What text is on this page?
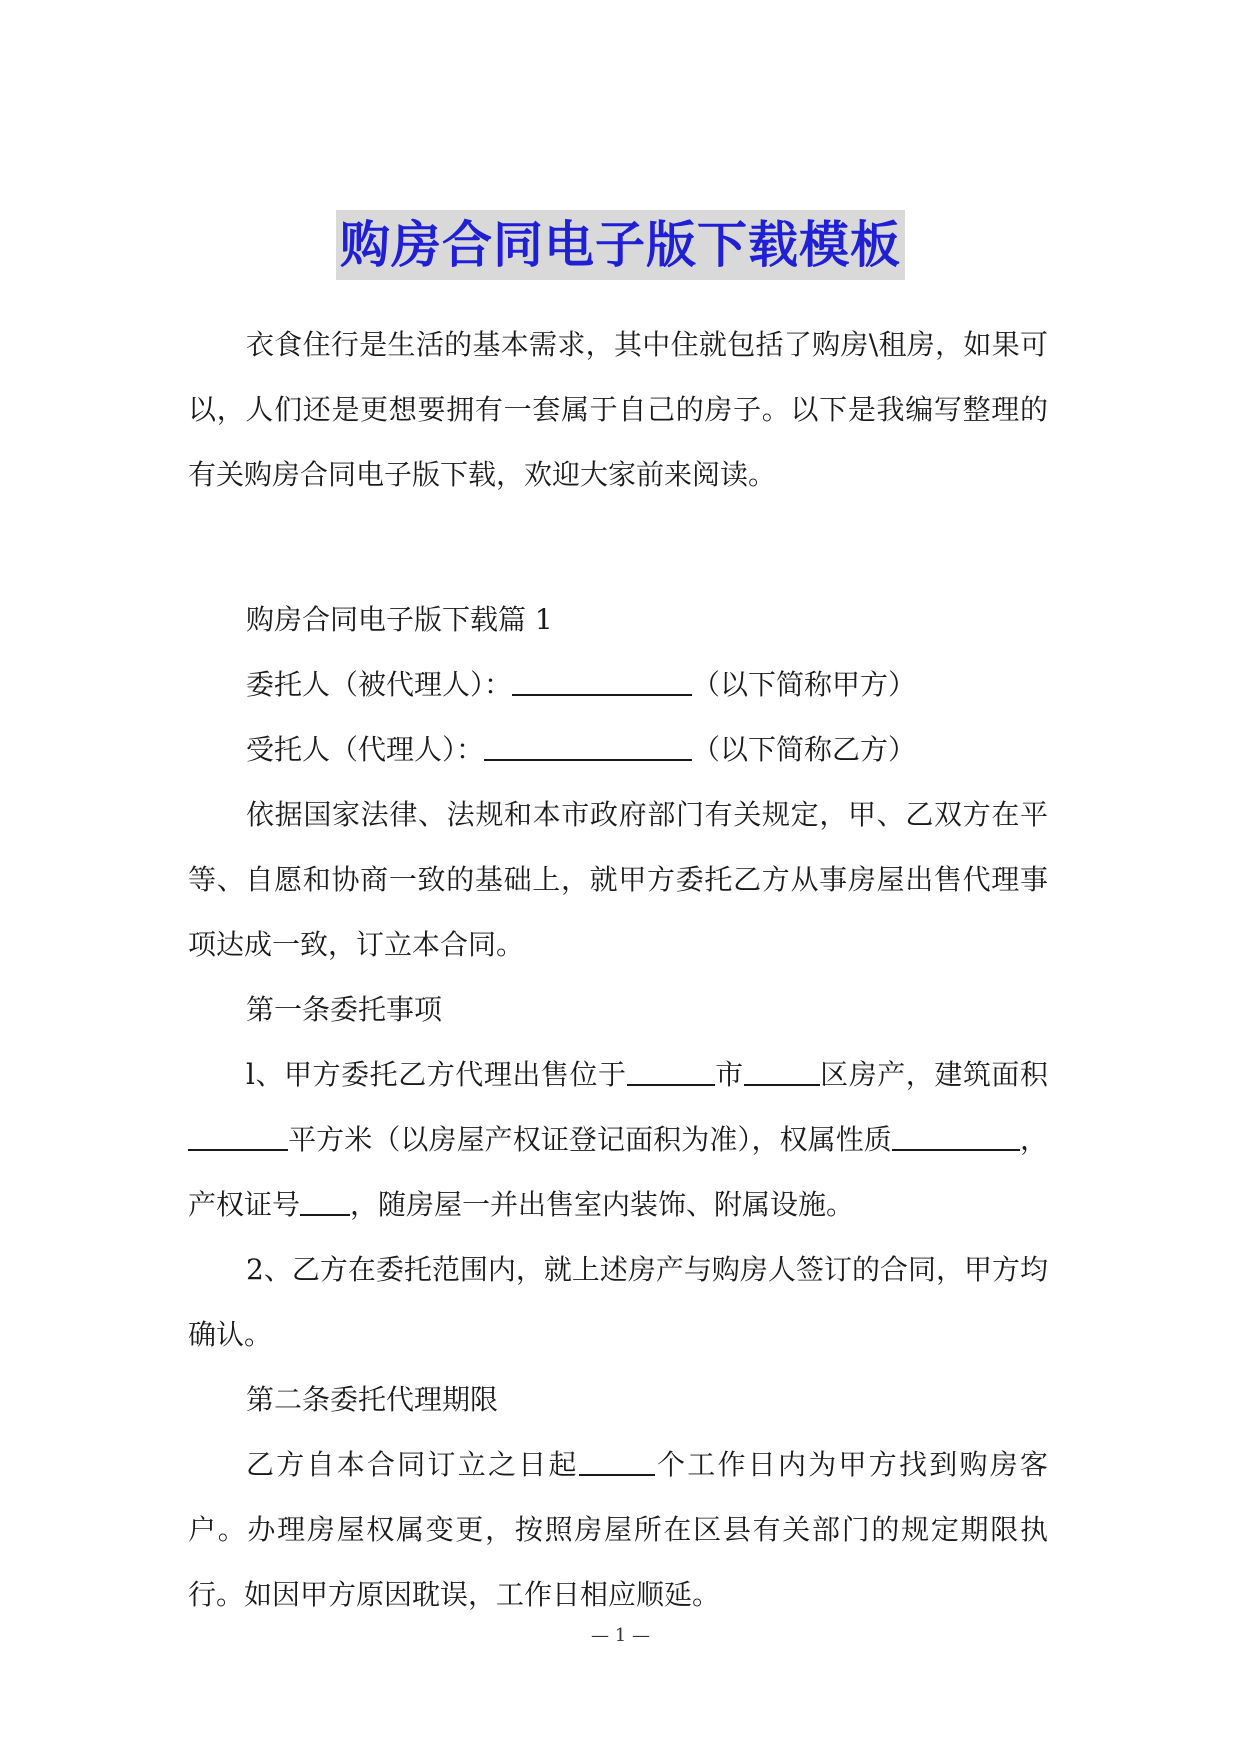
购房合同电子版下载模板

衣食住行是生活的基本需求，其中住就包括了购房\租房，如果可以，人们还是更想要拥有一套属于自己的房子。以下是我编写整理的有关购房合同电子版下载，欢迎大家前来阅读。

购房合同电子版下载篇 1

委托人（被代理人）：	（以下简称甲方）

受托人（代理人）：	（以下简称乙方）

依据国家法律、法规和本市政府部门有关规定，甲、乙双方在平等、自愿和协商一致的基础上，就甲方委托乙方从事房屋出售代理事项达成一致，订立本合同。

第一条委托事项

l、甲方委托乙方代理出售位于	市	区房产，建筑面积平方米（以房屋产权证登记面积为准），权属性质	，产权证号 ，随房屋一并出售室内装饰、附属设施。

2、乙方在委托范围内，就上述房产与购房人签订的合同，甲方均确认。

第二条委托代理期限

乙方自本合同订立之日起	个工作日内为甲方找到购房客户。办理房屋权属变更，按照房屋所在区县有关部门的规定期限执行。如因甲方原因耽误，工作日相应顺延。

— 1 —
